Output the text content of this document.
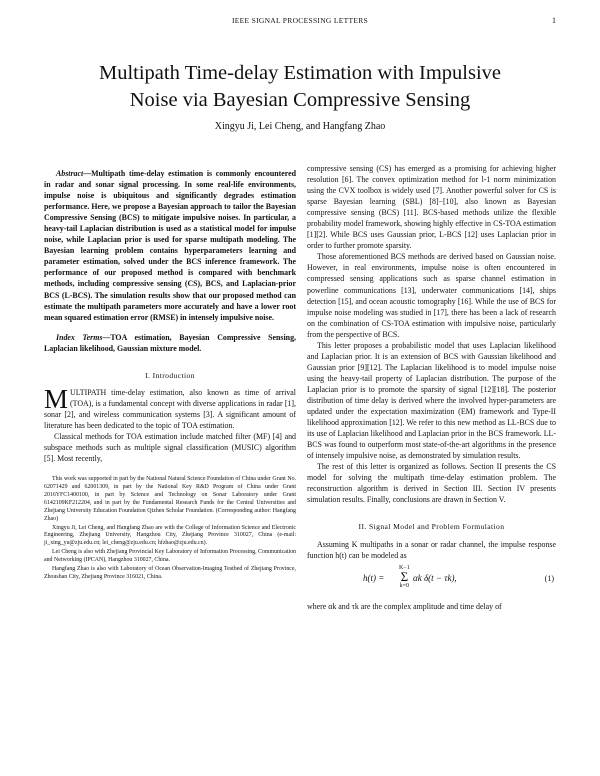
IEEE SIGNAL PROCESSING LETTERS	1
Multipath Time-delay Estimation with Impulsive
Noise via Bayesian Compressive Sensing
Xingyu Ji, Lei Cheng, and Hangfang Zhao

Abstract—Multipath time-delay estimation is commonly encountered in radar and sonar signal processing. In some real-life environments, impulse noise is ubiquitous and significantly degrades estimation performance. Here, we propose a Bayesian approach to tailor the Bayesian Compressive Sensing (BCS) to mitigate impulsive noises. In particular, a heavy-tail Laplacian distribution is used as a statistical model for impulse noise, while Laplacian prior is used for sparse multipath modeling. The Bayesian learning problem contains hyperparameters learning and parameter estimation, solved under the BCS inference framework. The performance of our proposed method is compared with benchmark methods, including compressive sensing (CS), BCS, and Laplacian-prior BCS (L-BCS). The simulation results show that our proposed method can estimate the multipath parameters more accurately and have a lower root mean squared estimation error (RMSE) in intensely impulsive noise.

Index Terms—TOA estimation, Bayesian Compressive Sensing, Laplacian likelihood, Gaussian mixture model.
I. Introduction

MULTIPATH time-delay estimation, also known as time of arrival (TOA), is a fundamental concept with diverse applications in radar [1], sonar [2], and wireless communication systems [3]. A significant amount of literature has been dedicated to the topic of TOA estimation.

Classical methods for TOA estimation include matched filter (MF) [4] and subspace methods such as multiple signal classification (MUSIC) algorithm [5]. Most recently,

This work was supported in part by the National Natural Science Foundation of China under Grant No. 62071429 and 62001309, in part by the National Key R&D Program of China under Grant 2016YFC1400100, in part by Science and Technology on Sonar Laboratory under Grant 6142109KF212204, and in part by the Fundamental Research Funds for the Central Universities and Zhejiang University Education Foundation Qizhen Scholar Foundation. (Corresponding author: Hangfang Zhao)

Xingyu Ji, Lei Cheng, and Hangfang Zhao are with the College of Information Science and Electronic Engineering, Zhejiang University, Hangzhou City, Zhejiang Province 310027, China (e-mail: ji_xing_yu@zju.edu.cn; lei_cheng@zju.edu.cn; hfzhao@zju.edu.cn).

Lei Cheng is also with Zhejiang Provincial Key Laboratory of Information Processing, Communication and Networking (IPCAN), Hangzhou 310027, China.

Hangfang Zhao is also with Laboratory of Ocean Observation-Imaging Testbed of Zhejiang Province, Zhoushan City, Zhejiang Province 316021, China.

compressive sensing (CS) has emerged as a promising for achieving higher resolution [6]. The convex optimization method for l-1 norm minimization using the CVX toolbox is widely used [7]. Another powerful solver for CS is sparse Bayesian learning (SBL) [8]−[10], also known as Bayesian compressive sensing (BCS) [11]. BCS-based methods utilize the flexible probability model framework, showing highly effective in CS-TOA estimation [1][2]. While BCS uses Gaussian prior, L-BCS [12] uses Laplacian prior in order to further promote sparsity.

Those aforementioned BCS methods are derived based on Gaussian noise. However, in real environments, impulse noise is often encountered in compressed sensing applications such as sparse channel estimation in powerline communications [13], underwater communications [14], ships detection [15], and ocean acoustic tomography [16]. While the use of BCS for impulse noise modeling was studied in [17], there has been a lack of research on the combination of CS-TOA estimation with impulsive noise, particularly from the perspective of BCS.

This letter proposes a probabilistic model that uses Laplacian likelihood and Laplacian prior. It is an extension of BCS with Gaussian likelihood and Gaussian prior [9][12]. The Laplacian likelihood is to model impulse noise using the heavy-tail property of Laplacian distribution. The purpose of the Laplacian prior is to promote the sparsity of signal [12][18]. The posterior distribution of time delay is derived where the involved hyper-parameters are updated under the expectation maximization (EM) framework and Type-II likelihood approximation [12]. We refer to this new method as LL-BCS due to its use of Laplacian likelihood and Laplacian prior in the BCS framework. LL-BCS was found to outperform most state-of-the-art algorithms in the presence of intensely impulsive noise, as demonstrated by simulation results.

The rest of this letter is organized as follows. Section II presents the CS model for solving the multipath time-delay estimation problem. The reconstruction algorithm is derived in Section III. Section IV presents simulation results. Finally, conclusions are drawn in Section V.

II. Signal Model and Problem Formulation

Assuming K multipaths in a sonar or radar channel, the impulse response function h(t) can be modeled as

h(t) =
K−1
Σ
k=0
αk δ(t − τk),	(1)

where αk and τk are the complex amplitude and time delay of
